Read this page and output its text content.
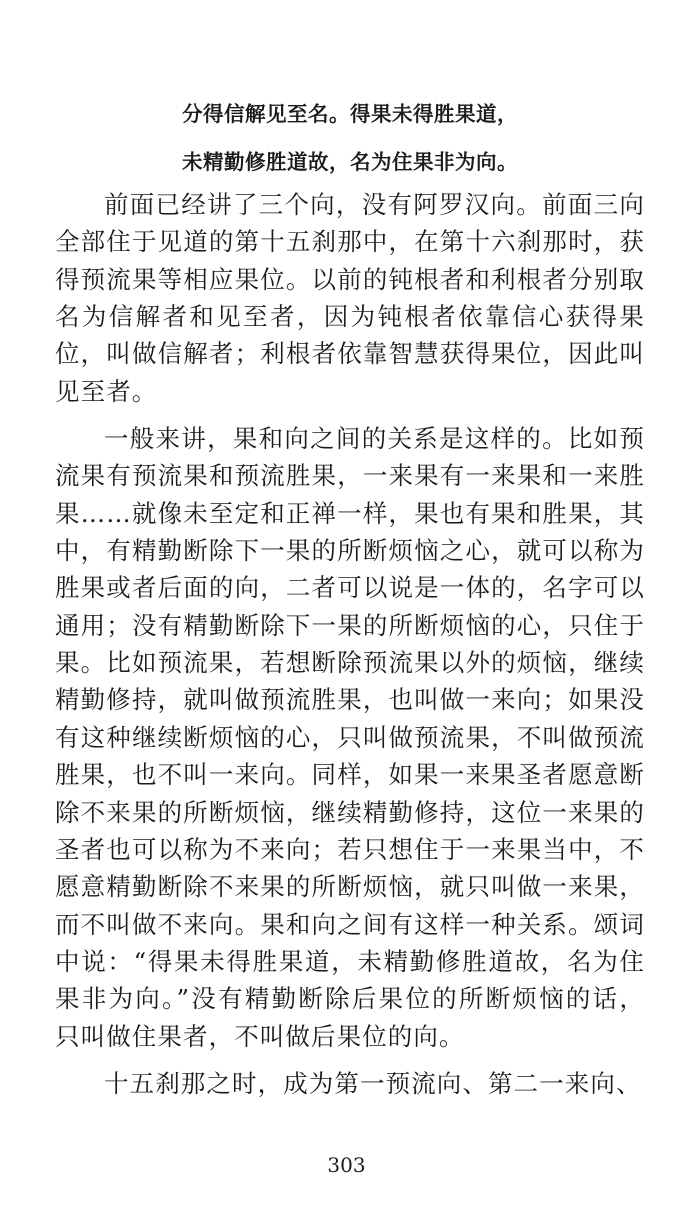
分得信解见至名。得果未得胜果道，

未精勤修胜道故，名为住果非为向。

前面已经讲了三个向，没有阿罗汉向。前面三向全部住于见道的第十五刹那中，在第十六刹那时，获得预流果等相应果位。以前的钝根者和利根者分别取名为信解者和见至者，因为钝根者依靠信心获得果位，叫做信解者；利根者依靠智慧获得果位，因此叫见至者。

一般来讲，果和向之间的关系是这样的。比如预流果有预流果和预流胜果，一来果有一来果和一来胜果……就像未至定和正禅一样，果也有果和胜果，其中，有精勤断除下一果的所断烦恼之心，就可以称为胜果或者后面的向，二者可以说是一体的，名字可以通用；没有精勤断除下一果的所断烦恼的心，只住于果。比如预流果，若想断除预流果以外的烦恼，继续精勤修持，就叫做预流胜果，也叫做一来向；如果没有这种继续断烦恼的心，只叫做预流果，不叫做预流胜果，也不叫一来向。同样，如果一来果圣者愿意断除不来果的所断烦恼，继续精勤修持，这位一来果的圣者也可以称为不来向；若只想住于一来果当中，不愿意精勤断除不来果的所断烦恼，就只叫做一来果，而不叫做不来向。果和向之间有这样一种关系。颂词中说：“得果未得胜果道，未精勤修胜道故，名为住果非为向。”没有精勤断除后果位的所断烦恼的话，只叫做住果者，不叫做后果位的向。

十五刹那之时，成为第一预流向、第二一来向、

303
